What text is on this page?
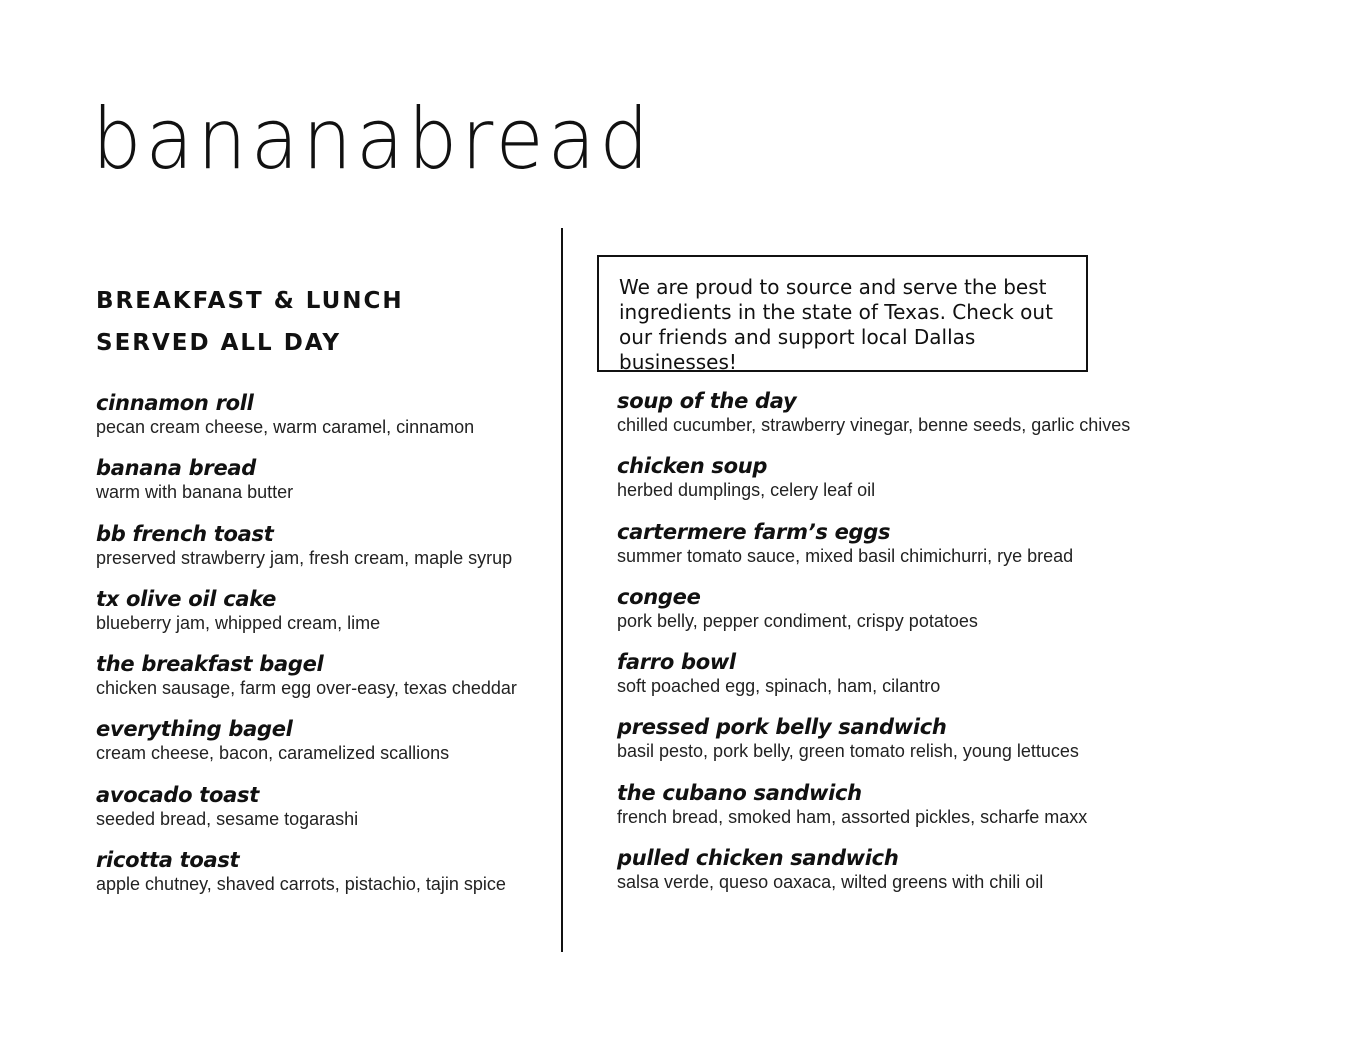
bananabread
BREAKFAST & LUNCH
SERVED ALL DAY
We are proud to source and serve the best ingredients in the state of Texas. Check out our friends and support local Dallas businesses!
cinnamon roll
pecan cream cheese, warm caramel, cinnamon
banana bread
warm with banana butter
bb french toast
preserved strawberry jam, fresh cream, maple syrup
tx olive oil cake
blueberry jam, whipped cream, lime
the breakfast bagel
chicken sausage, farm egg over-easy, texas cheddar
everything bagel
cream cheese, bacon, caramelized scallions
avocado toast
seeded bread, sesame togarashi
ricotta toast
apple chutney, shaved carrots, pistachio, tajin spice
soup of the day
chilled cucumber, strawberry vinegar, benne seeds, garlic chives
chicken soup
herbed dumplings, celery leaf oil
cartermere farm’s eggs
summer tomato sauce, mixed basil chimichurri, rye bread
congee
pork belly, pepper condiment, crispy potatoes
farro bowl
soft poached egg, spinach, ham, cilantro
pressed pork belly sandwich
basil pesto, pork belly, green tomato relish, young lettuces
the cubano sandwich
french bread, smoked ham, assorted pickles, scharfe maxx
pulled chicken sandwich
salsa verde, queso oaxaca, wilted greens with chili oil
